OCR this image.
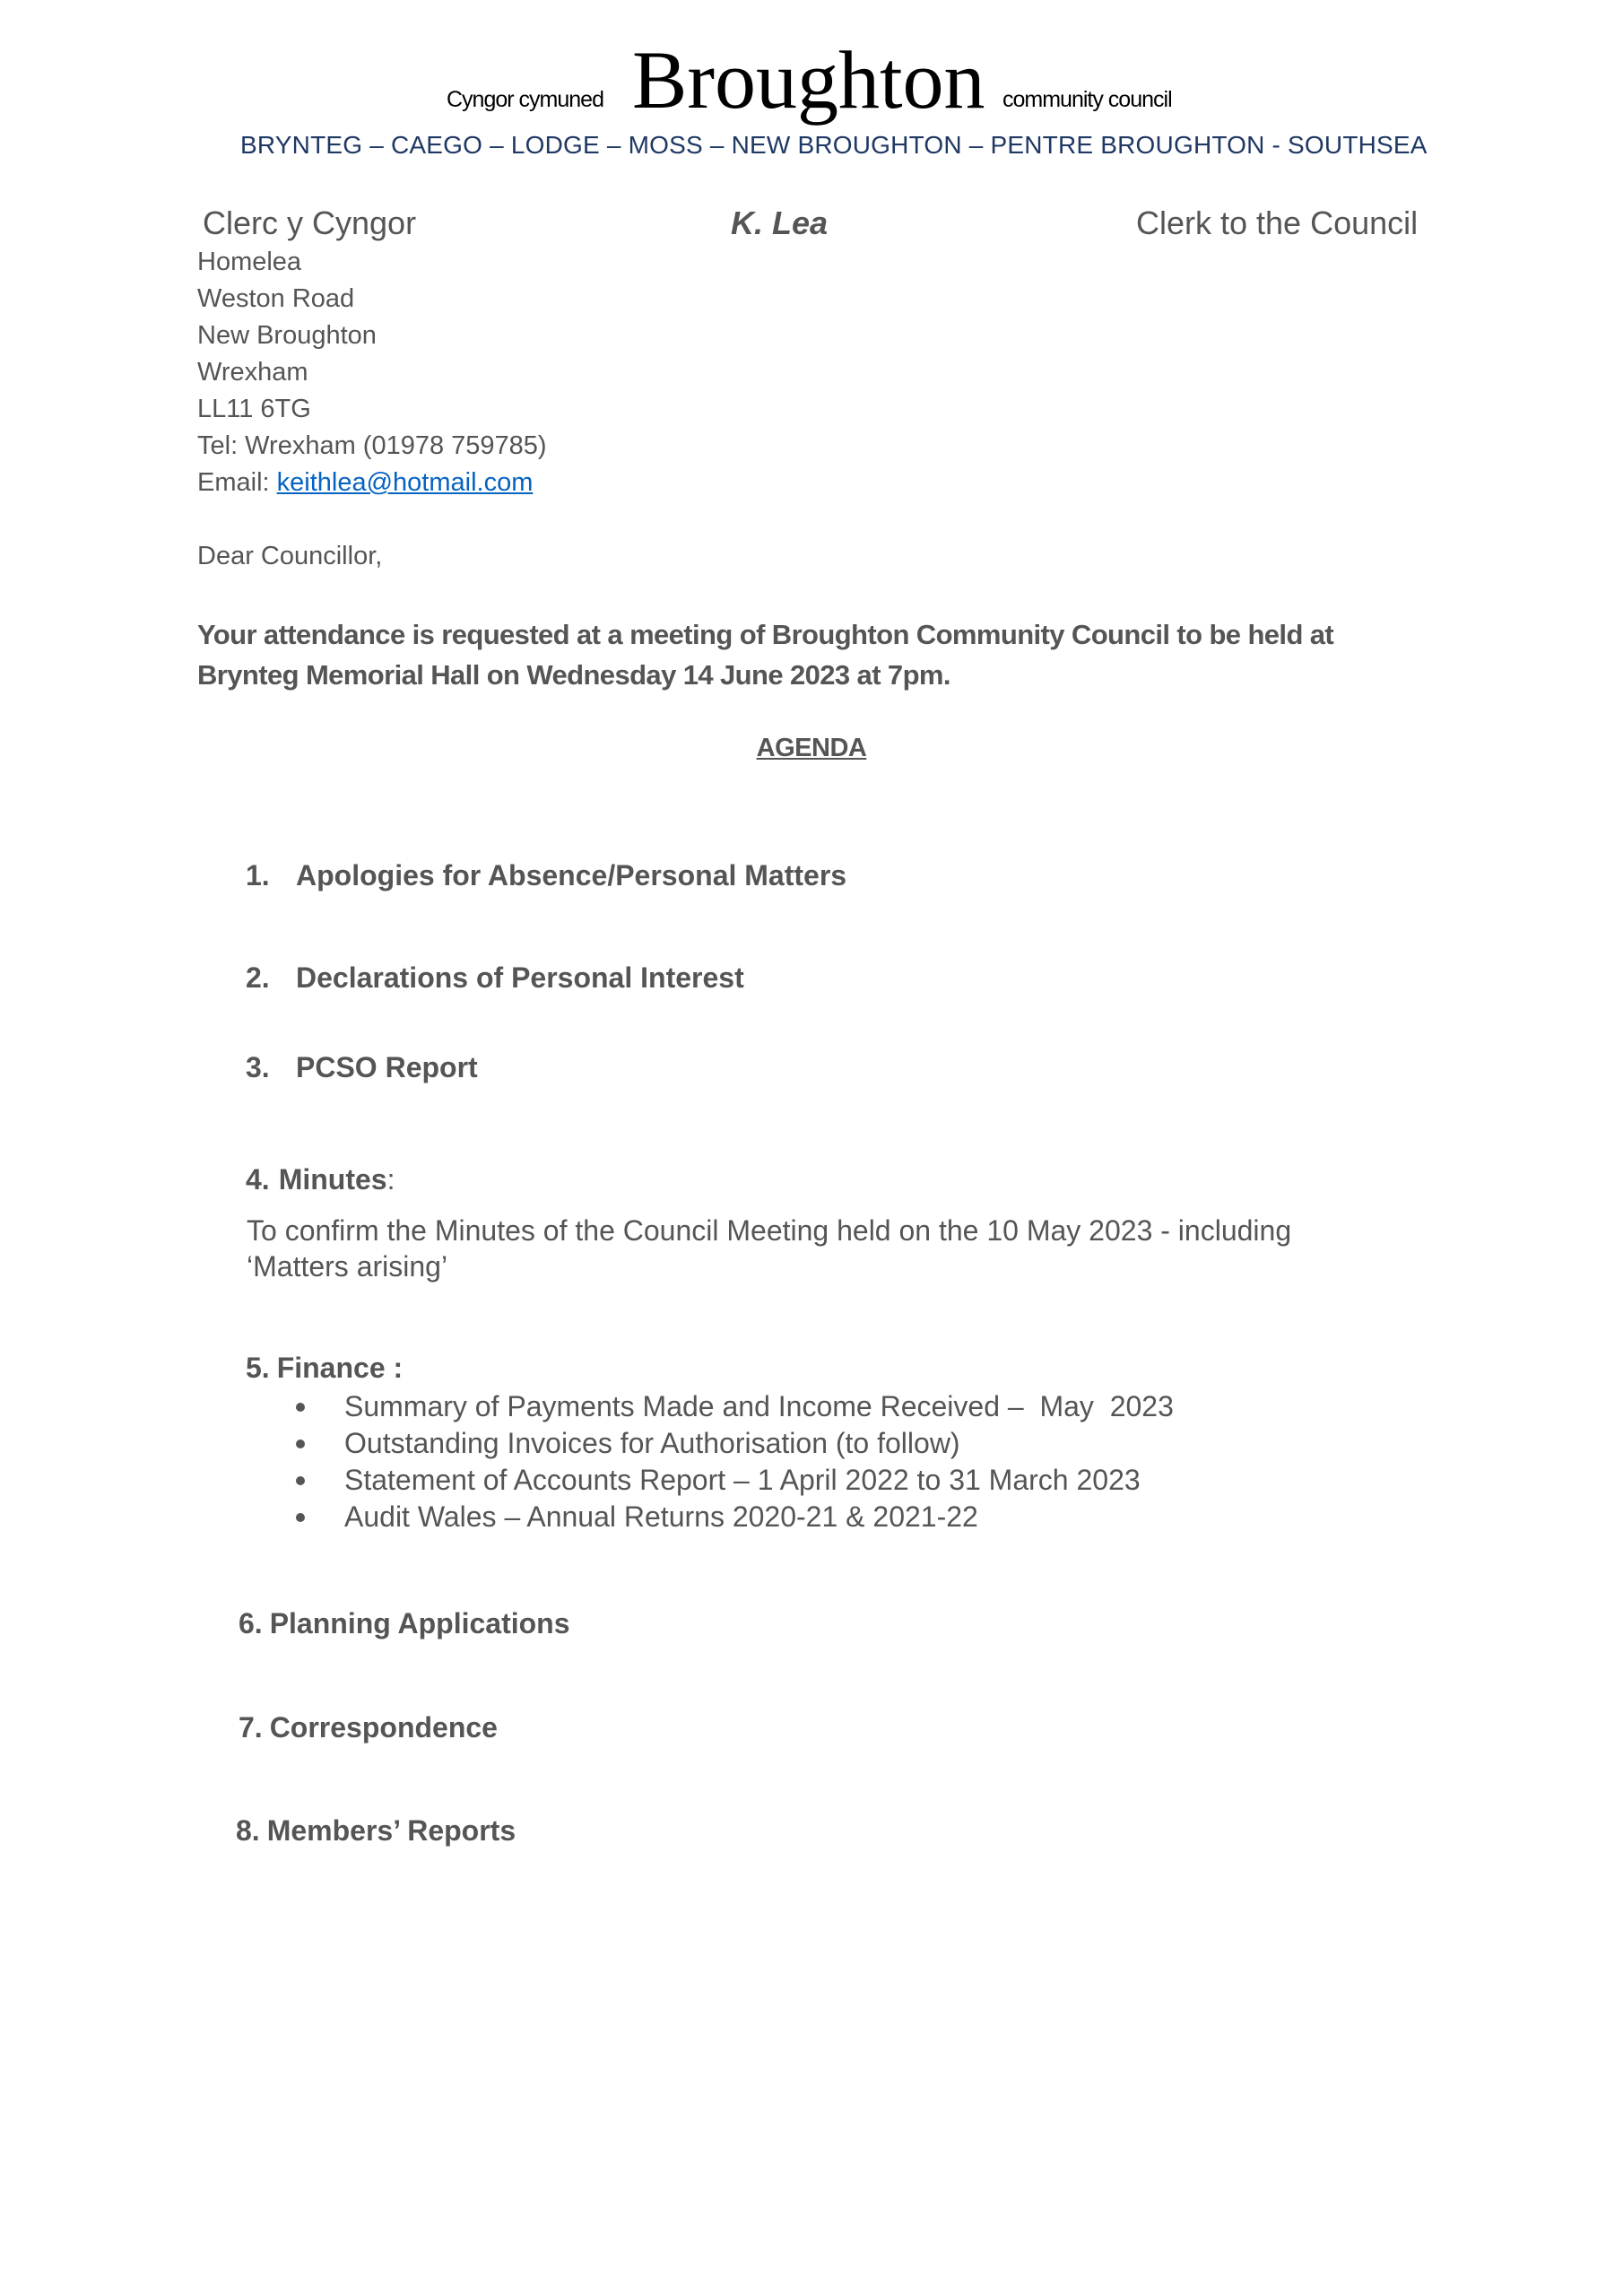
Cyngor cymuned Broughton community council
BRYNTEG – CAEGO – LODGE – MOSS – NEW BROUGHTON – PENTRE BROUGHTON - SOUTHSEA
Clerc y Cyngor	K. Lea	Clerk to the Council
Homelea
Weston Road
New Broughton
Wrexham
LL11 6TG
Tel: Wrexham (01978 759785)
Email: keithlea@hotmail.com
Dear Councillor,
Your attendance is requested at a meeting of Broughton Community Council to be held at
Brynteg Memorial Hall on Wednesday 14 June 2023 at 7pm.
AGENDA
1. Apologies for Absence/Personal Matters
2. Declarations of Personal Interest
3. PCSO Report
4. Minutes:
To confirm the Minutes of the Council Meeting held on the 10 May 2023 - including
‘Matters arising’
5. Finance :
Summary of Payments Made and Income Received –  May  2023
Outstanding Invoices for Authorisation (to follow)
Statement of Accounts Report – 1 April 2022 to 31 March 2023
Audit Wales – Annual Returns 2020-21 & 2021-22
6. Planning Applications
7. Correspondence
8. Members’ Reports
